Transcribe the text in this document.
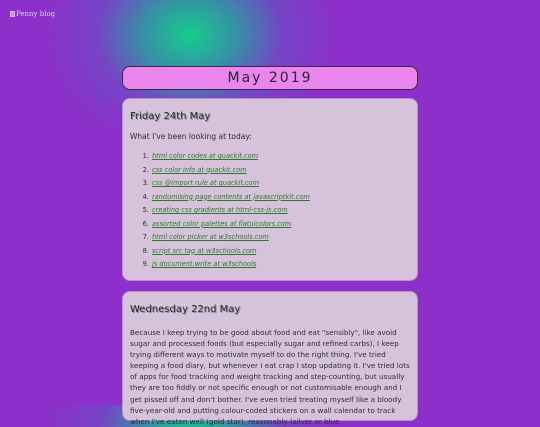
Penny blog
May 2019
Friday 24th May

What I've been looking at today:

1. html color codes at quackit.com
2. css color info at quackit.com
3. css @import rule at quackit.com
4. randomising page contents at javascriptkit.com
5. creating css gradients at html-css-js.com
6. assorted color palettes at flatuicolors.com
7. html color picker at w3schools.com
8. script src tag at w3schools.com
9. js document.write at w3schools
Wednesday 22nd May

Because I keep trying to be good about food and eat "sensibly", like avoid sugar and processed foods (but especially sugar and refined carbs), I keep trying different ways to motivate myself to do the right thing. I've tried keeping a food diary, but whenever I eat crap I stop updating it. I've tried lots of apps for food tracking and weight tracking and step-counting, but usually they are too fiddly or not specific enough or not customisable enough and I get pissed off and don't bother. I've even tried treating myself like a bloody five-year-old and putting colour-coded stickers on a wall calendar to track when I've eaten well (gold star), reasonably (silver or blue
